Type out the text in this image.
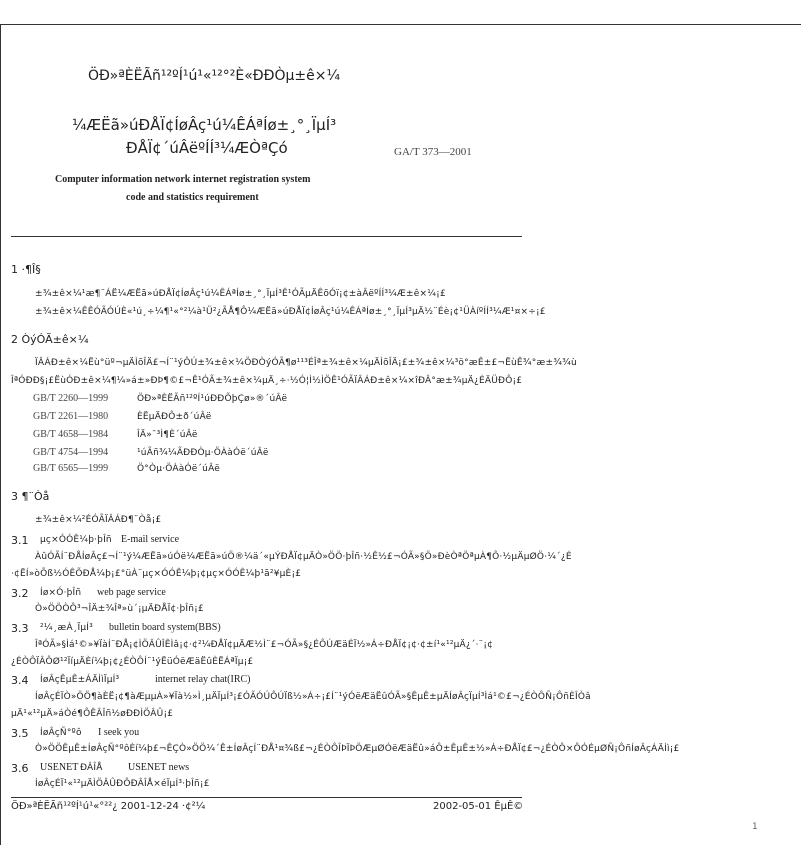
ÖÐ»ªÈËÃñ¹²ºÍ¹ú¹«¹²°²È«ÐÐÒµ±ê×¼
¼ÆËã»úÐÅÏ¢ÍøÂç¹ú¼ÊÁªÍø±¸°¸ÏµÍ³
ÐÅÏ¢´úÂëºÍÍ³¼ÆÒªÇó	GA/T 373—2001
Computer information network internet registration system
code and statistics requirement
1 ·¶Î§
±¾±ê×¼¹æ¶¨ÁË¼ÆËã»úÐÅÏ¢ÍøÂç¹ú¼ÊÁªÍø±¸°¸ÏµÍ³Ê¹ÓÃµÄÊõÓï¡¢±àÂëºÍÍ³¼Æ±ê×¼¡£
±¾±ê×¼ÊÊÓÃÓÚÈ«¹ú¸÷¼¶¹«°²¼à¹Ü²¿ÃÅ¶Ô¼ÆËã»úÐÅÏ¢ÍøÂç¹ú¼ÊÁªÍø±¸°¸ÏµÍ³µÄ½¨Éè¡¢¹ÜÀíºÍÍ³¼Æ¹¤×÷¡£
2 ÒýÓÃ±ê×¼
ÏÂÁÐ±ê×¼Ëù°üº¬µÄÌõÎÄ£¬Í¨¹ýÔÚ±¾±ê×¼ÖÐÒýÓÃ¶ø¹¹³ÉÎª±¾±ê×¼µÄÌõÎÄ¡£±¾±ê×¼³ö°æÊ±£¬ËùÊ¾°æ±¾¾ù
ÎªÓÐÐ§¡£ËùÓÐ±ê×¼¶¼»á±»ÐÞ¶©£¬Ê¹ÓÃ±¾±ê×¼µÄ¸÷·½Ó¦Ì½ÌÖÊ¹ÓÃÏÂÁÐ±ê×¼×îÐÂ°æ±¾µÄ¿ÉÄÜÐÔ¡£
GB/T 2260—1999	ÖÐ»ªÈËÃñ¹²ºÍ¹úÐÐÕþÇø»®´úÂë
GB/T 2261—1980	ÈËµÄÐÔ±ð´úÂë
GB/T 4658—1984	ÎÄ»¯³Ì¶È´úÂë
GB/T 4754—1994	¹úÃñ¾¼ÃÐÐÒµ·ÖÀàÓë´úÂë
GB/T 6565—1999	Ö°Òµ·ÖÀàÓë´úÂë
3 ¶¨Òå
±¾±ê×¼²ÉÓÃÏÂÁÐ¶¨Òå¡£
3.1 µç×ÓÓÊ¼þ·þÎñ E-mail service
ÀûÓÃÍ¨ÐÅÍøÂç£¬Í¨¹ý¼ÆËã»úÓë¼ÆËã»úÖ®¼ä´«µÝÐÅÏ¢µÄÒ»ÖÖ·þÎñ·½Ê½£¬ÓÃ»§Ö»ÐèÒªÖªµÀ¶Ô·½µÄµØÖ·¼´¿É
·¢ËÍ»òÕß½ÓÊÕÐÅ¼þ¡£°üÀ¨µç×ÓÓÊ¼þ¡¢µç×ÓÓÊ¼þ¹ã²¥µÈ¡£
3.2 Íø×Ó·þÎñ web page service
Ò»ÖÖÒÔ³¬ÎÄ±¾Îª»ù´¡µÄÐÅÏ¢·þÎñ¡£
3.3 ²¼¸æÀ¸ÏµÍ³ bulletin board system(BBS)
ÎªÓÃ»§Ìá¹©»¥ÏàÍ¨ÐÅ¡¢ÌÖÂÛÎÊÌâ¡¢·¢²¼ÐÅÏ¢µÄÆ½Ì¨£¬ÓÃ»§¿ÉÔÚÆäÉÏ½»Á÷ÐÅÏ¢¡¢·¢±í¹«¹²µÄ¿´·¨¡¢
¿ÉÒÔÏÂÔØ¹²ÏíµÄÈí¼þ¡¢¿ÉÒÔÍ¨¹ýËüÓëÆäËûÈËÁªÏµ¡£
3.4 ÍøÂçÊµÊ±ÁÄÌìÏµÍ³	internet relay chat(IRC)
ÍøÂçÉÏÒ»ÖÖ¶àÈË¡¢¶àÆµµÀ»¥Ïà½»Ì¸µÄÏµÍ³¡£ÓÃÓÚÔÚÏß½»Á÷¡£Í¨¹ýÓëÆäËûÓÃ»§ÊµÊ±µÄÍøÂçÏµÍ³Ìá¹©£¬¿ÉÒÔÑ¡ÔñÈÎÒâ
µÄ¹«¹²µÄ»áÒé¶ÔÊÂÎñ½øÐÐÌÖÂÛ¡£
3.5 ÍøÂçÑ°ºô I seek you
Ò»ÖÖÊµÊ±ÍøÂçÑ°ºôÈí¼þ£¬ÊÇÒ»ÖÖ¼´Ê±ÍøÂçÍ¨ÐÅ¹¤¾ß£¬¿ÉÒÔÎÞÏÞÖÆµØÓëÆäËû»áÔ±ÊµÊ±½»Á÷ÐÅÏ¢£¬¿ÉÒÔ×ÔÓÉµØÑ¡ÔñÍøÂçÁÄÌì¡£
3.6 USENET ÐÂÎÅ	USENET news
ÍøÂçÉÏ¹«¹²µÄÌÖÂÛÐÔÐÂÎÅ×éÏµÍ³·þÎñ¡£
ÖÐ»ªÈËÃñ¹²ºÍ¹ú¹«°²²¿ 2001-12-24 ·¢²¼	2002-05-01 ÊµÊ©
1
